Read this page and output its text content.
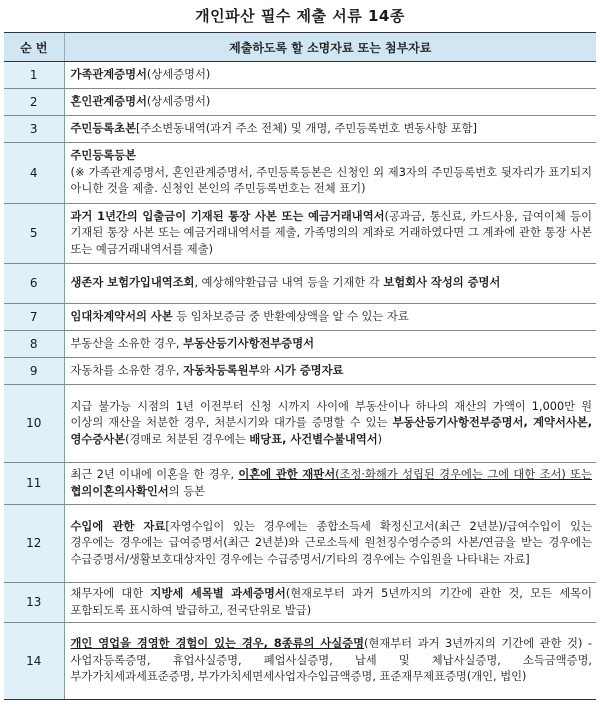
개인파산 필수 제출 서류 14종
순 번	제출하도록 할 소명자료 또는 첨부자료
1	가족관계증명서(상세증명서)
2	혼인관계증명서(상세증명서)
3	주민등록초본[주소변동내역(과거 주소 전체) 및 개명, 주민등록번호 변동사항 포함]
4	주민등록등본
(※ 가족관계증명서, 혼인관계증명서, 주민등록등본은 신청인 외 제3자의 주민등록번호 뒷자리가 표기되지 아니한 것을 제출. 신청인 본인의 주민등록번호는 전체 표기)
5	과거 1년간의 입출금이 기재된 통장 사본 또는 예금거래내역서(공과금, 통신료, 카드사용, 급여이체 등이 기재된 통장 사본 또는 예금거래내역서를 제출, 가족명의의 계좌로 거래하였다면 그 계좌에 관한 통장 사본 또는 예금거래내역서를 제출)
6	생존자 보험가입내역조회, 예상해약환급금 내역 등을 기재한 각 보험회사 작성의 증명서
7	임대차계약서의 사본 등 임차보증금 중 반환예상액을 알 수 있는 자료
8	부동산을 소유한 경우, 부동산등기사항전부증명서
9	자동차를 소유한 경우, 자동차등록원부와 시가 증명자료
10	지급 불가능 시점의 1년 이전부터 신청 시까지 사이에 부동산이나 하나의 재산의 가액이 1,000만 원 이상의 재산을 처분한 경우, 처분시기와 대가를 증명할 수 있는 부동산등기사항전부증명서, 계약서사본, 영수증사본(경매로 처분된 경우에는 배당표, 사건별수불내역서)
11	최근 2년 이내에 이혼을 한 경우, 이혼에 관한 재판서(조정·화해가 성립된 경우에는 그에 대한 조서) 또는 협의이혼의사확인서의 등본
12	수입에 관한 자료[자영수입이 있는 경우에는 종합소득세 확정신고서(최근 2년분)/급여수입이 있는 경우에는 경우에는 급여증명서(최근 2년분)와 근로소득세 원천징수영수증의 사본/연금을 받는 경우에는 수급증명서/생활보호대상자인 경우에는 수급증명서/기타의 경우에는 수입원을 나타내는 자료]
13	채무자에 대한 지방세 세목별 과세증명서(현재로부터 과거 5년까지의 기간에 관한 것, 모든 세목이 포함되도록 표시하여 발급하고, 전국단위로 발급)
14	개인 영업을 경영한 경험이 있는 경우, 8종류의 사실증명(현재부터 과거 3년까지의 기간에 관한 것) - 사업자등록증명, 휴업사실증명, 폐업사실증명, 납세 및 체납사실증명, 소득금액증명, 부가가치세과세표준증명, 부가가치세면세사업자수입금액증명, 표준재무제표증명(개인, 법인)
